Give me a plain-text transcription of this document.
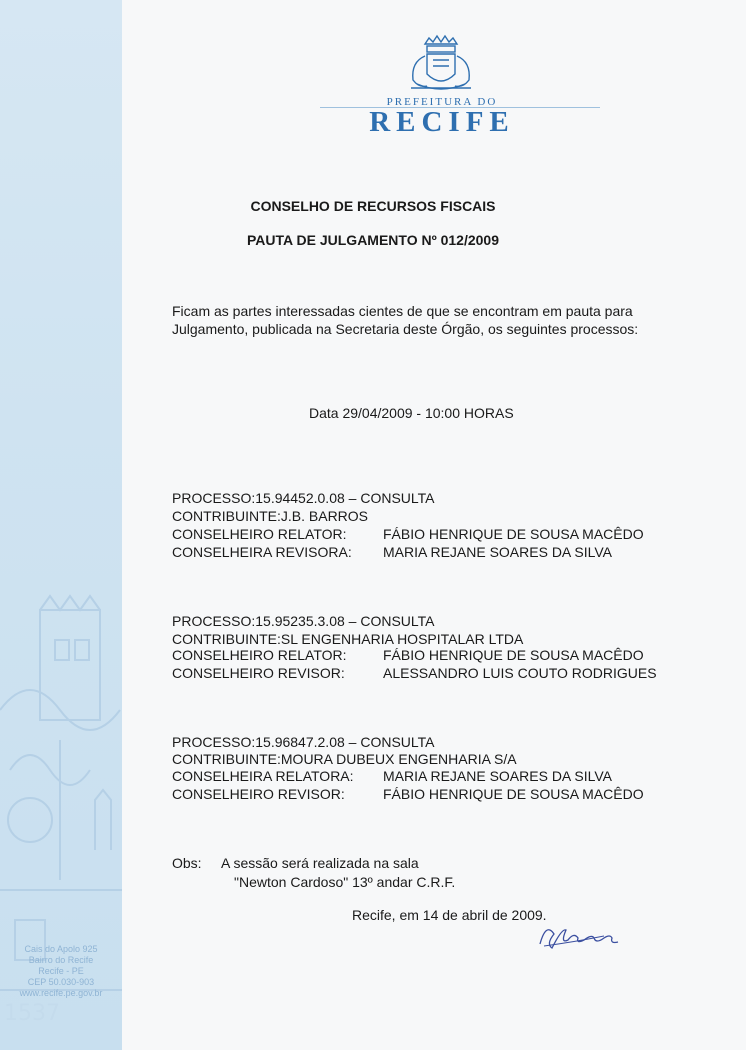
1537
Cais do Apolo 925
Bairro do Recife
Recife - PE
CEP 50.030-903
www.recife.pe.gov.br
PREFEITURA DO
RECIFE
CONSELHO DE RECURSOS FISCAIS
PAUTA DE JULGAMENTO Nº 012/2009
Ficam as partes interessadas cientes de que se encontram em pauta para
Julgamento, publicada na Secretaria deste Órgão, os seguintes processos:
Data 29/04/2009 - 10:00 HORAS
PROCESSO:15.94452.0.08 – CONSULTA
CONTRIBUINTE:J.B. BARROS
CONSELHEIRO RELATOR:	FÁBIO HENRIQUE DE SOUSA MACÊDO
CONSELHEIRA REVISORA: MARIA REJANE SOARES DA SILVA
PROCESSO:15.95235.3.08 – CONSULTA
CONTRIBUINTE:SL ENGENHARIA HOSPITALAR LTDA
CONSELHEIRO RELATOR:	FÁBIO HENRIQUE DE SOUSA MACÊDO
CONSELHEIRO REVISOR:	ALESSANDRO LUIS COUTO RODRIGUES
PROCESSO:15.96847.2.08 – CONSULTA
CONTRIBUINTE:MOURA DUBEUX ENGENHARIA S/A
CONSELHEIRA RELATORA: MARIA REJANE SOARES DA SILVA
CONSELHEIRO REVISOR:	FÁBIO HENRIQUE DE SOUSA MACÊDO
Obs: A sessão será realizada na sala
"Newton Cardoso" 13º andar C.R.F.
Recife, em 14 de abril de 2009.
